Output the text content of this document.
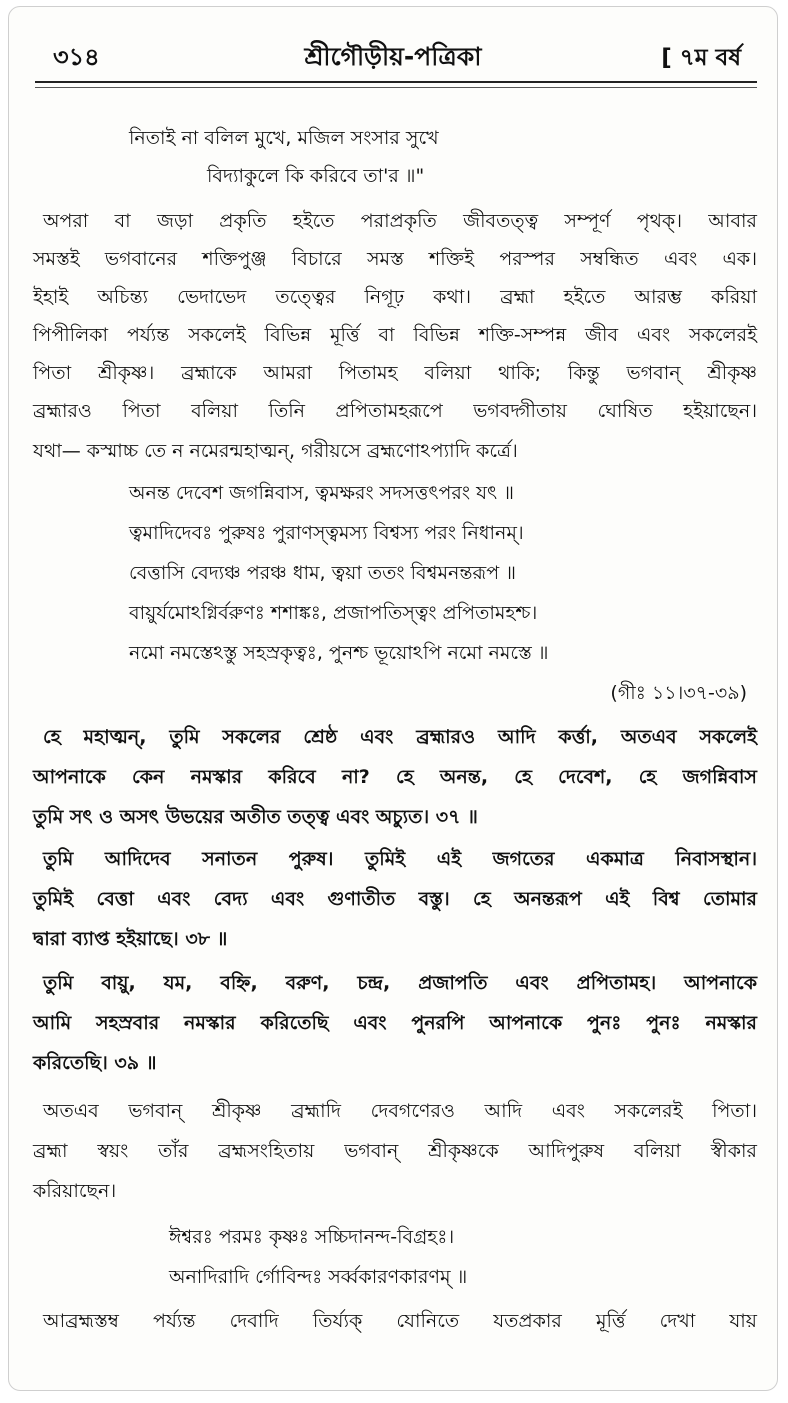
৩১৪	শ্রীগৌড়ীয়-পত্রিকা	[ ৭ম বর্ষ
নিতাই না বলিল মুখে, মজিল সংসার সুখে
বিদ্যাকুলে কি করিবে তা'র ॥"
অপরা বা জড়া প্রকৃতি হইতে পরাপ্রকৃতি জীবতত্ত্ব সম্পূর্ণ পৃথক্। আবার
সমস্তই ভগবানের শক্তিপুঞ্জ বিচারে সমস্ত শক্তিই পরস্পর সম্বন্ধিত এবং এক।
ইহাই অচিন্ত্য ভেদাভেদ তত্ত্বের নিগূঢ় কথা। ব্রহ্মা হইতে আরম্ভ করিয়া
পিপীলিকা পর্য্যন্ত সকলেই বিভিন্ন মূর্ত্তি বা বিভিন্ন শক্তি-সম্পন্ন জীব এবং সকলেরই
পিতা শ্রীকৃষ্ণ। ব্রহ্মাকে আমরা পিতামহ বলিয়া থাকি; কিন্তু ভগবান্ শ্রীকৃষ্ণ
ব্রহ্মারও পিতা বলিয়া তিনি প্রপিতামহরূপে ভগবদ্গীতায় ঘোষিত হইয়াছেন।
যথা— কস্মাচ্চ তে ন নমেরন্মহাত্মন্, গরীয়সে ব্রহ্মণোঽপ্যাদি কর্ত্রে।
অনন্ত দেবেশ জগন্নিবাস, ত্বমক্ষরং সদসত্তৎপরং যৎ ॥
ত্বমাদিদেবঃ পুরুষঃ পুরাণস্ত্বমস্য বিশ্বস্য পরং নিধানম্।
বেত্তাসি বেদ্যঞ্চ পরঞ্চ ধাম, ত্বয়া ততং বিশ্বমনন্তরূপ ॥
বায়ুর্যমোঽগ্নির্বরুণঃ শশাঙ্কঃ, প্রজাপতিস্ত্বং প্রপিতামহশ্চ।
নমো নমস্তেঽস্তু সহস্রকৃত্বঃ, পুনশ্চ ভূয়োঽপি নমো নমস্তে ॥
(গীঃ ১১।৩৭-৩৯)
হে মহাত্মন্, তুমি সকলের শ্রেষ্ঠ এবং ব্রহ্মারও আদি কর্ত্তা, অতএব সকলেই
আপনাকে কেন নমস্কার করিবে না? হে অনন্ত, হে দেবেশ, হে জগন্নিবাস
তুমি সৎ ও অসৎ উভয়ের অতীত তত্ত্ব এবং অচ্যুত। ৩৭ ॥
তুমি আদিদেব সনাতন পুরুষ। তুমিই এই জগতের একমাত্র নিবাসস্থান।
তুমিই বেত্তা এবং বেদ্য এবং গুণাতীত বস্তু। হে অনন্তরূপ এই বিশ্ব তোমার
দ্বারা ব্যাপ্ত হইয়াছে। ৩৮ ॥
তুমি বায়ু, যম, বহ্নি, বরুণ, চন্দ্র, প্রজাপতি এবং প্রপিতামহ। আপনাকে
আমি সহস্রবার নমস্কার করিতেছি এবং পুনরপি আপনাকে পুনঃ পুনঃ নমস্কার
করিতেছি। ৩৯ ॥
অতএব ভগবান্ শ্রীকৃষ্ণ ব্রহ্মাদি দেবগণেরও আদি এবং সকলেরই পিতা।
ব্রহ্মা স্বয়ং তাঁর ব্রহ্মসংহিতায় ভগবান্ শ্রীকৃষ্ণকে আদিপুরুষ বলিয়া স্বীকার
করিয়াছেন।
ঈশ্বরঃ পরমঃ কৃষ্ণঃ সচ্চিদানন্দ-বিগ্রহঃ।
অনাদিরাদি র্গোবিন্দঃ সর্ব্বকারণকারণম্ ॥
আব্রহ্মস্তম্ব পর্য্যন্ত দেবাদি তির্য্যক্ যোনিতে যতপ্রকার মূর্ত্তি দেখা যায়
